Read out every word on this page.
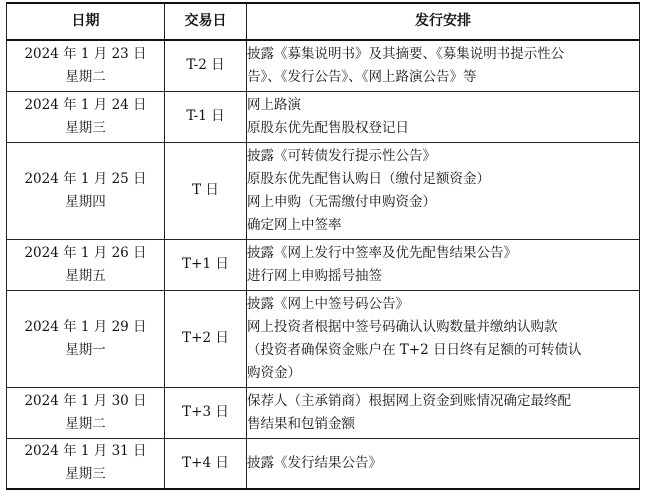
日期	交易日	发行安排

2024 年 1 月 23 日
星期二	T-2 日	披露《募集说明书》及其摘要、《募集说明书提示性公
告》、《发行公告》、《网上路演公告》等

2024 年 1 月 24 日
星期三	T-1 日	网上路演
原股东优先配售股权登记日

2024 年 1 月 25 日
星期四	T 日	披露《可转债发行提示性公告》
原股东优先配售认购日（缴付足额资金）
网上申购（无需缴付申购资金）
确定网上中签率

2024 年 1 月 26 日
星期五	T+1 日	披露《网上发行中签率及优先配售结果公告》
进行网上申购摇号抽签

2024 年 1 月 29 日
星期一	T+2 日	披露《网上中签号码公告》
网上投资者根据中签号码确认认购数量并缴纳认购款
（投资者确保资金账户在 T+2 日日终有足额的可转债认
购资金）

2024 年 1 月 30 日
星期二	T+3 日	保荐人（主承销商）根据网上资金到账情况确定最终配
售结果和包销金额

2024 年 1 月 31 日
星期三	T+4 日	披露《发行结果公告》
